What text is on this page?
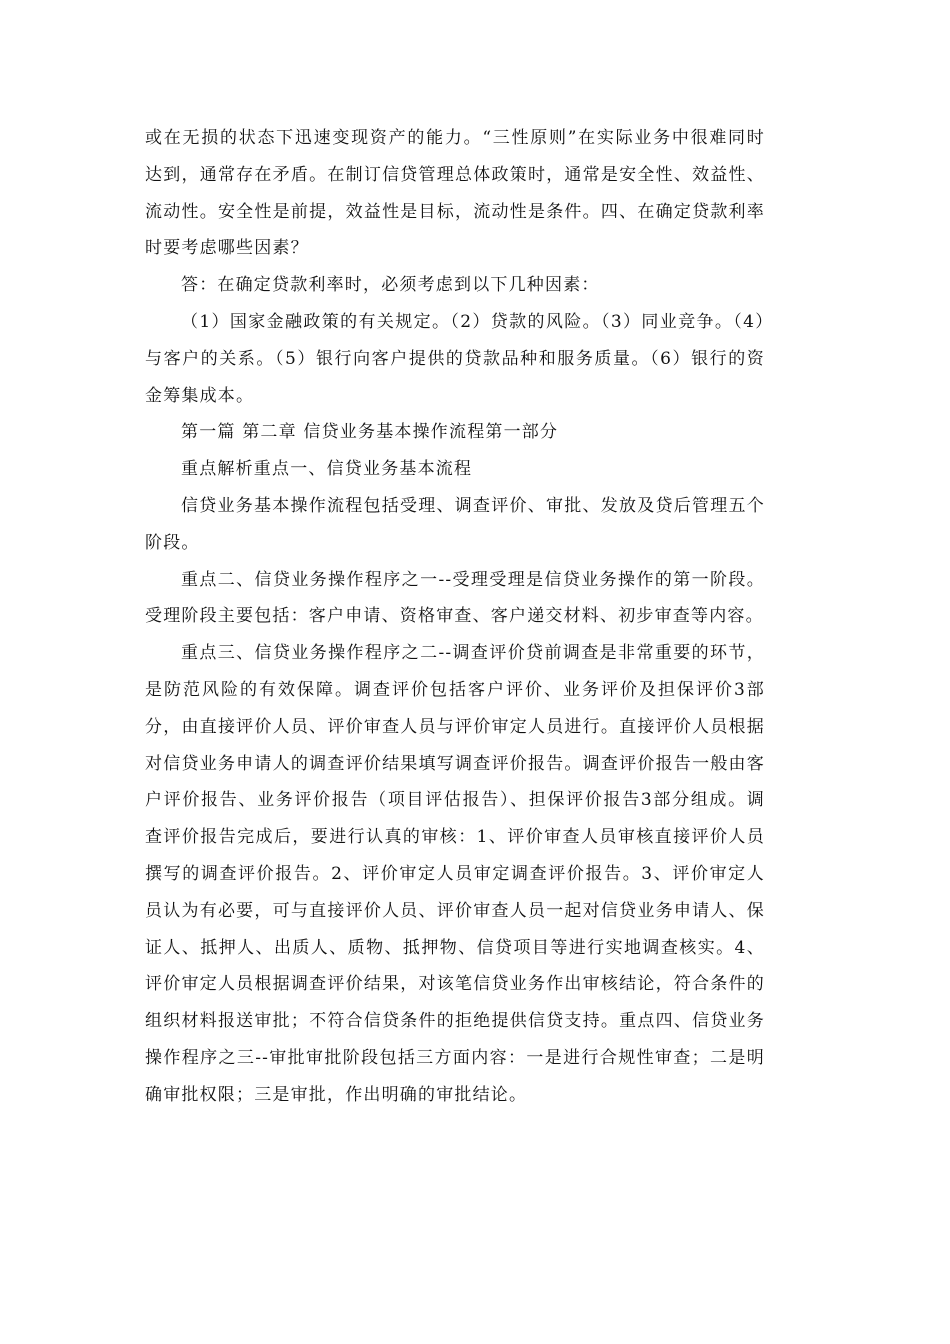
或在无损的状态下迅速变现资产的能力。“三性原则”在实际业务中很难同时达到，通常存在矛盾。在制订信贷管理总体政策时，通常是安全性、效益性、流动性。安全性是前提，效益性是目标，流动性是条件。四、在确定贷款利率时要考虑哪些因素？

答：在确定贷款利率时，必须考虑到以下几种因素：

（1）国家金融政策的有关规定。（2）贷款的风险。（3）同业竞争。（4）与客户的关系。（5）银行向客户提供的贷款品种和服务质量。（6）银行的资金筹集成本。

第一篇 第二章 信贷业务基本操作流程第一部分

重点解析重点一、信贷业务基本流程

信贷业务基本操作流程包括受理、调查评价、审批、发放及贷后管理五个阶段。

重点二、信贷业务操作程序之一--受理受理是信贷业务操作的第一阶段。受理阶段主要包括：客户申请、资格审查、客户递交材料、初步审查等内容。

重点三、信贷业务操作程序之二--调查评价贷前调查是非常重要的环节，是防范风险的有效保障。调查评价包括客户评价、业务评价及担保评价3部分，由直接评价人员、评价审查人员与评价审定人员进行。直接评价人员根据对信贷业务申请人的调查评价结果填写调查评价报告。调查评价报告一般由客户评价报告、业务评价报告（项目评估报告）、担保评价报告3部分组成。调查评价报告完成后，要进行认真的审核：1、评价审查人员审核直接评价人员撰写的调查评价报告。2、评价审定人员审定调查评价报告。3、评价审定人员认为有必要，可与直接评价人员、评价审查人员一起对信贷业务申请人、保证人、抵押人、出质人、质物、抵押物、信贷项目等进行实地调查核实。4、评价审定人员根据调查评价结果，对该笔信贷业务作出审核结论，符合条件的组织材料报送审批；不符合信贷条件的拒绝提供信贷支持。重点四、信贷业务操作程序之三--审批审批阶段包括三方面内容：一是进行合规性审查；二是明确审批权限；三是审批，作出明确的审批结论。
